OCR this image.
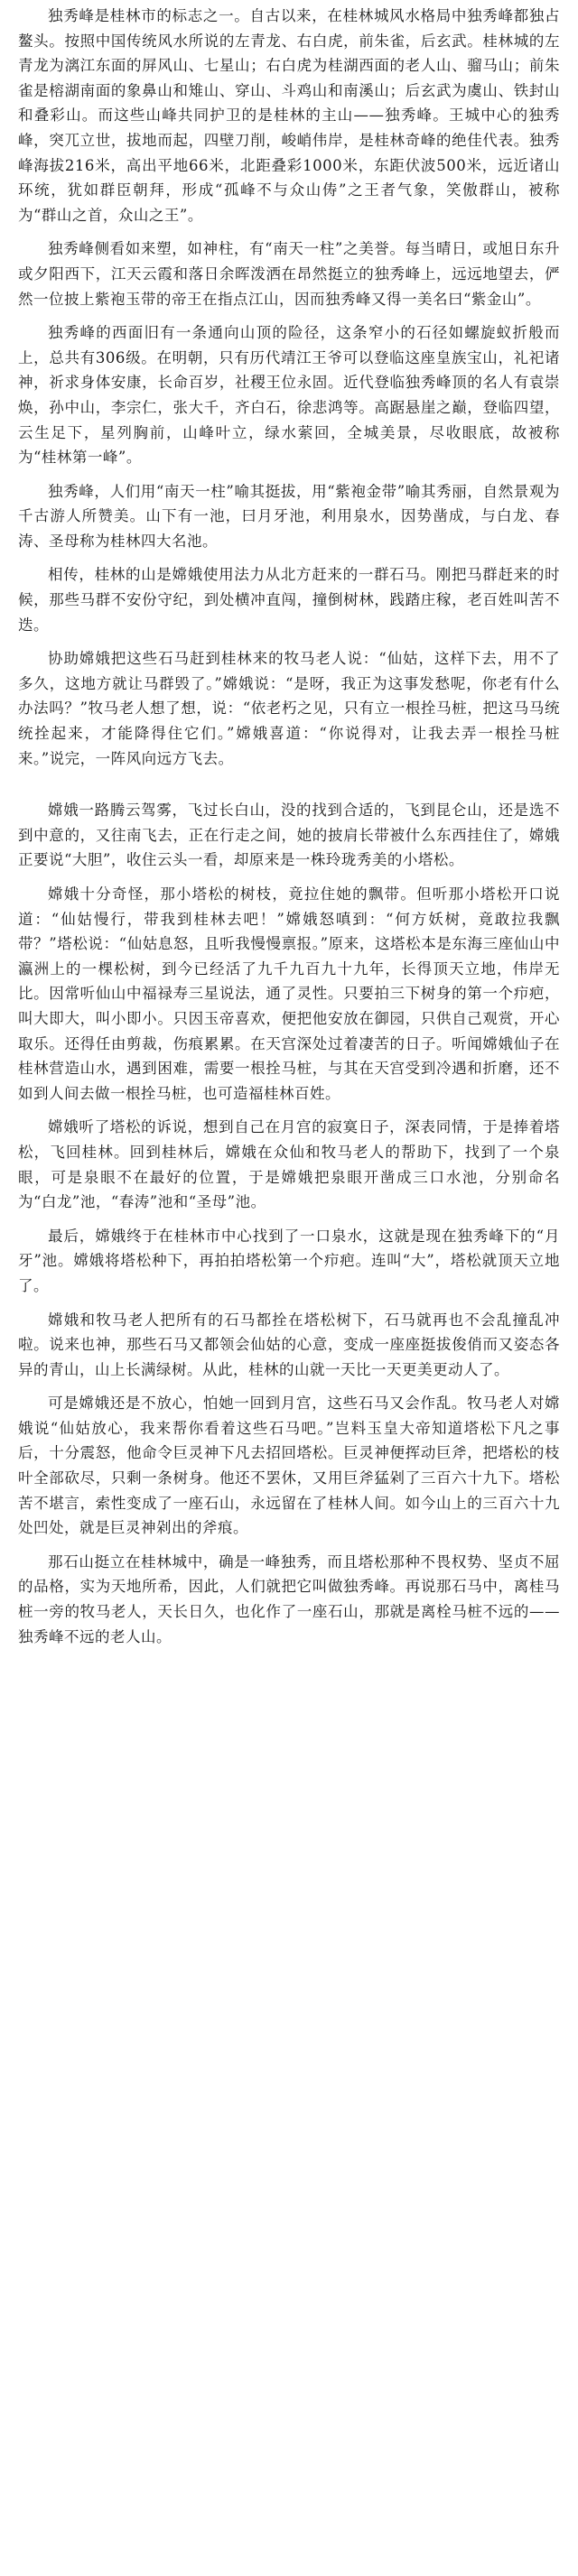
独秀峰是桂林市的标志之一。自古以来，在桂林城风水格局中独秀峰都独占鳌头。按照中国传统风水所说的左青龙、右白虎，前朱雀，后玄武。桂林城的左青龙为漓江东面的屏风山、七星山；右白虎为桂湖西面的老人山、骝马山；前朱雀是榕湖南面的象鼻山和雉山、穿山、斗鸡山和南溪山；后玄武为虞山、铁封山和叠彩山。而这些山峰共同护卫的是桂林的主山——独秀峰。王城中心的独秀峰，突兀立世，拔地而起，四壁刀削，峻峭伟岸，是桂林奇峰的绝佳代表。独秀峰海拔216米，高出平地66米，北距叠彩1000米，东距伏波500米，远近诸山环统，犹如群臣朝拜，形成“孤峰不与众山俦”之王者气象，笑傲群山，被称为“群山之首，众山之王”。

独秀峰侧看如来塑，如神柱，有“南天一柱”之美誉。每当晴日，或旭日东升或夕阳西下，江天云霞和落日余晖泼洒在昂然挺立的独秀峰上，远远地望去，俨然一位披上紫袍玉带的帝王在指点江山，因而独秀峰又得一美名曰“紫金山”。

独秀峰的西面旧有一条通向山顶的险径，这条窄小的石径如螺旋蚁折般而上，总共有306级。在明朝，只有历代靖江王爷可以登临这座皇族宝山，礼祀诸神，祈求身体安康，长命百岁，社稷王位永固。近代登临独秀峰顶的名人有袁崇焕，孙中山，李宗仁，张大千，齐白石，徐悲鸿等。高踞悬崖之巅，登临四望，云生足下，星列胸前，山峰叶立，绿水萦回，全城美景，尽收眼底，故被称为“桂林第一峰”。

独秀峰，人们用“南天一柱”喻其挺拔，用“紫袍金带”喻其秀丽，自然景观为千古游人所赞美。山下有一池，曰月牙池，利用泉水，因势凿成，与白龙、春涛、圣母称为桂林四大名池。

相传，桂林的山是嫦娥使用法力从北方赶来的一群石马。刚把马群赶来的时候，那些马群不安份守纪，到处横冲直闯，撞倒树林，践踏庄稼，老百姓叫苦不迭。

协助嫦娥把这些石马赶到桂林来的牧马老人说：“仙姑，这样下去，用不了多久，这地方就让马群毁了。”嫦娥说：“是呀，我正为这事发愁呢，你老有什么办法吗？”牧马老人想了想，说：“依老朽之见，只有立一根拴马桩，把这马马统统拴起来，才能降得住它们。”嫦娥喜道：“你说得对，让我去弄一根拴马桩来。”说完，一阵风向远方飞去。

嫦娥一路腾云驾雾，飞过长白山，没的找到合适的，飞到昆仑山，还是选不到中意的，又往南飞去，正在行走之间，她的披肩长带被什么东西挂住了，嫦娥正要说“大胆”，收住云头一看，却原来是一株玲珑秀美的小塔松。

嫦娥十分奇怪，那小塔松的树枝，竟拉住她的飘带。但听那小塔松开口说道：“仙姑慢行，带我到桂林去吧！”嫦娥怒嗔到：“何方妖树，竟敢拉我飘带？”塔松说：“仙姑息怒，且听我慢慢禀报。”原来，这塔松本是东海三座仙山中瀛洲上的一棵松树，到今已经活了九千九百九十九年，长得顶天立地，伟岸无比。因常听仙山中福禄寿三星说法，通了灵性。只要拍三下树身的第一个疖疤，叫大即大，叫小即小。只因玉帝喜欢，便把他安放在御园，只供自己观赏，开心取乐。还得任由剪裁，伤痕累累。在天宫深处过着凄苦的日子。听闻嫦娥仙子在桂林营造山水，遇到困难，需要一根拴马桩，与其在天宫受到冷遇和折磨，还不如到人间去做一根拴马桩，也可造福桂林百姓。

嫦娥听了塔松的诉说，想到自己在月宫的寂寞日子，深表同情，于是捧着塔松，飞回桂林。回到桂林后，嫦娥在众仙和牧马老人的帮助下，找到了一个泉眼，可是泉眼不在最好的位置，于是嫦娥把泉眼开凿成三口水池，分别命名为“白龙”池，“春涛”池和“圣母”池。

最后，嫦娥终于在桂林市中心找到了一口泉水，这就是现在独秀峰下的“月牙”池。嫦娥将塔松种下，再拍拍塔松第一个疖疤。连叫“大”，塔松就顶天立地了。

嫦娥和牧马老人把所有的石马都拴在塔松树下，石马就再也不会乱撞乱冲啦。说来也神，那些石马又都领会仙姑的心意，变成一座座挺拔俊俏而又姿态各异的青山，山上长满绿树。从此，桂林的山就一天比一天更美更动人了。

可是嫦娥还是不放心，怕她一回到月宫，这些石马又会作乱。牧马老人对嫦娥说“仙姑放心，我来帮你看着这些石马吧。”岂料玉皇大帝知道塔松下凡之事后，十分震怒，他命令巨灵神下凡去招回塔松。巨灵神便挥动巨斧，把塔松的枝叶全部砍尽，只剩一条树身。他还不罢休，又用巨斧猛剁了三百六十九下。塔松苦不堪言，索性变成了一座石山，永远留在了桂林人间。如今山上的三百六十九处凹处，就是巨灵神剁出的斧痕。

那石山挺立在桂林城中，确是一峰独秀，而且塔松那种不畏权势、坚贞不屈的品格，实为天地所希，因此，人们就把它叫做独秀峰。再说那石马中，离桂马桩一旁的牧马老人，天长日久，也化作了一座石山，那就是离栓马桩不远的——独秀峰不远的老人山。
